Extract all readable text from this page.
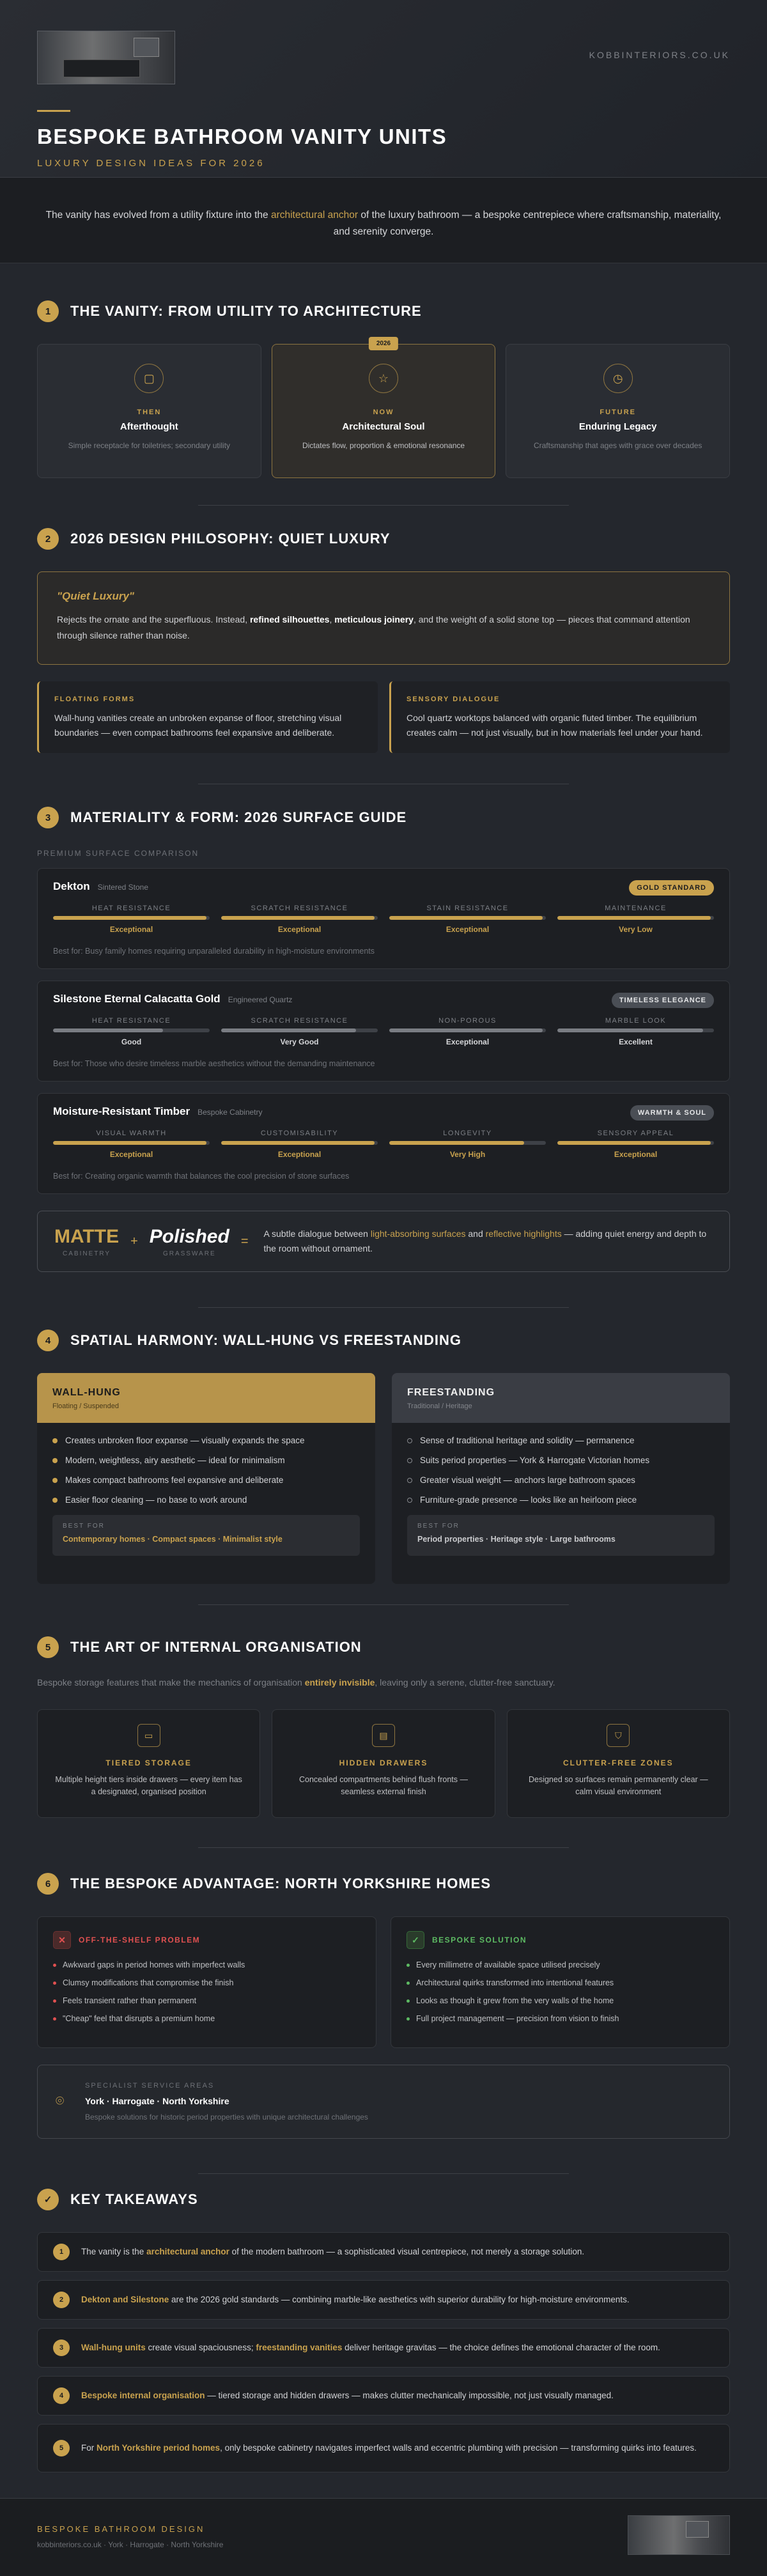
KOBBINTERIORS.CO.UK
BESPOKE BATHROOM VANITY UNITS
LUXURY DESIGN IDEAS FOR 2026
The vanity has evolved from a utility fixture into the architectural anchor of the luxury bathroom — a bespoke centrepiece where craftsmanship, materiality, and serenity converge.
1	THE VANITY: FROM UTILITY TO ARCHITECTURE
▢
THEN
Afterthought
Simple receptacle for toiletries; secondary utility
2026
☆
NOW
Architectural Soul
Dictates flow, proportion & emotional resonance
◷
FUTURE
Enduring Legacy
Craftsmanship that ages with grace over decades
2	2026 DESIGN PHILOSOPHY: QUIET LUXURY
"Quiet Luxury"
Rejects the ornate and the superfluous. Instead, refined silhouettes, meticulous joinery, and the weight of a solid stone top — pieces that command attention through silence rather than noise.
FLOATING FORMS
Wall-hung vanities create an unbroken expanse of floor, stretching visual boundaries — even compact bathrooms feel expansive and deliberate.
SENSORY DIALOGUE
Cool quartz worktops balanced with organic fluted timber. The equilibrium creates calm — not just visually, but in how materials feel under your hand.
3	MATERIALITY & FORM: 2026 SURFACE GUIDE
PREMIUM SURFACE COMPARISON
Dekton Sintered Stone	GOLD STANDARD
HEAT RESISTANCE
Exceptional
SCRATCH RESISTANCE
Exceptional
STAIN RESISTANCE
Exceptional
MAINTENANCE
Very Low
Best for: Busy family homes requiring unparalleled durability in high-moisture environments
Silestone Eternal Calacatta Gold Engineered Quartz	TIMELESS ELEGANCE
HEAT RESISTANCE
Good
SCRATCH RESISTANCE
Very Good
NON-POROUS
Exceptional
MARBLE LOOK
Excellent
Best for: Those who desire timeless marble aesthetics without the demanding maintenance
Moisture-Resistant Timber Bespoke Cabinetry	WARMTH & SOUL
VISUAL WARMTH
Exceptional
CUSTOMISABILITY
Exceptional
LONGEVITY
Very High
SENSORY APPEAL
Exceptional
Best for: Creating organic warmth that balances the cool precision of stone surfaces
MATTE
CABINETRY
+ Polished
GRASSWARE
=
A subtle dialogue between light-absorbing surfaces and reflective highlights — adding quiet energy and depth to the room without ornament.
4	SPATIAL HARMONY: WALL-HUNG VS FREESTANDING
WALL-HUNG
Floating / Suspended
Creates unbroken floor expanse — visually expands the space
Modern, weightless, airy aesthetic — ideal for minimalism
Makes compact bathrooms feel expansive and deliberate
Easier floor cleaning — no base to work around
BEST FOR
Contemporary homes · Compact spaces · Minimalist style
FREESTANDING
Traditional / Heritage
Sense of traditional heritage and solidity — permanence
Suits period properties — York & Harrogate Victorian homes
Greater visual weight — anchors large bathroom spaces
Furniture-grade presence — looks like an heirloom piece
BEST FOR
Period properties · Heritage style · Large bathrooms
5	THE ART OF INTERNAL ORGANISATION
Bespoke storage features that make the mechanics of organisation entirely invisible, leaving only a serene, clutter-free sanctuary.
▭
TIERED STORAGE
Multiple height tiers inside drawers — every item has a designated, organised position
▤
HIDDEN DRAWERS
Concealed compartments behind flush fronts — seamless external finish
⛉
CLUTTER-FREE ZONES
Designed so surfaces remain permanently clear — calm visual environment
6	THE BESPOKE ADVANTAGE: NORTH YORKSHIRE HOMES
✕	OFF-THE-SHELF PROBLEM
Awkward gaps in period homes with imperfect walls
Clumsy modifications that compromise the finish
Feels transient rather than permanent
"Cheap" feel that disrupts a premium home
✓	BESPOKE SOLUTION
Every millimetre of available space utilised precisely
Architectural quirks transformed into intentional features
Looks as though it grew from the very walls of the home
Full project management — precision from vision to finish
⌾
SPECIALIST SERVICE AREAS
York · Harrogate · North Yorkshire
Bespoke solutions for historic period properties with unique architectural challenges
✓	KEY TAKEAWAYS
1	The vanity is the architectural anchor of the modern bathroom — a sophisticated visual centrepiece, not merely a storage solution.
2	Dekton and Silestone are the 2026 gold standards — combining marble-like aesthetics with superior durability for high-moisture environments.
3	Wall-hung units create visual spaciousness; freestanding vanities deliver heritage gravitas — the choice defines the emotional character of the room.
4	Bespoke internal organisation — tiered storage and hidden drawers — makes clutter mechanically impossible, not just visually managed.
5	For North Yorkshire period homes, only bespoke cabinetry navigates imperfect walls and eccentric plumbing with precision — transforming quirks into features.
BESPOKE BATHROOM DESIGN
kobbinteriors.co.uk · York · Harrogate · North Yorkshire
